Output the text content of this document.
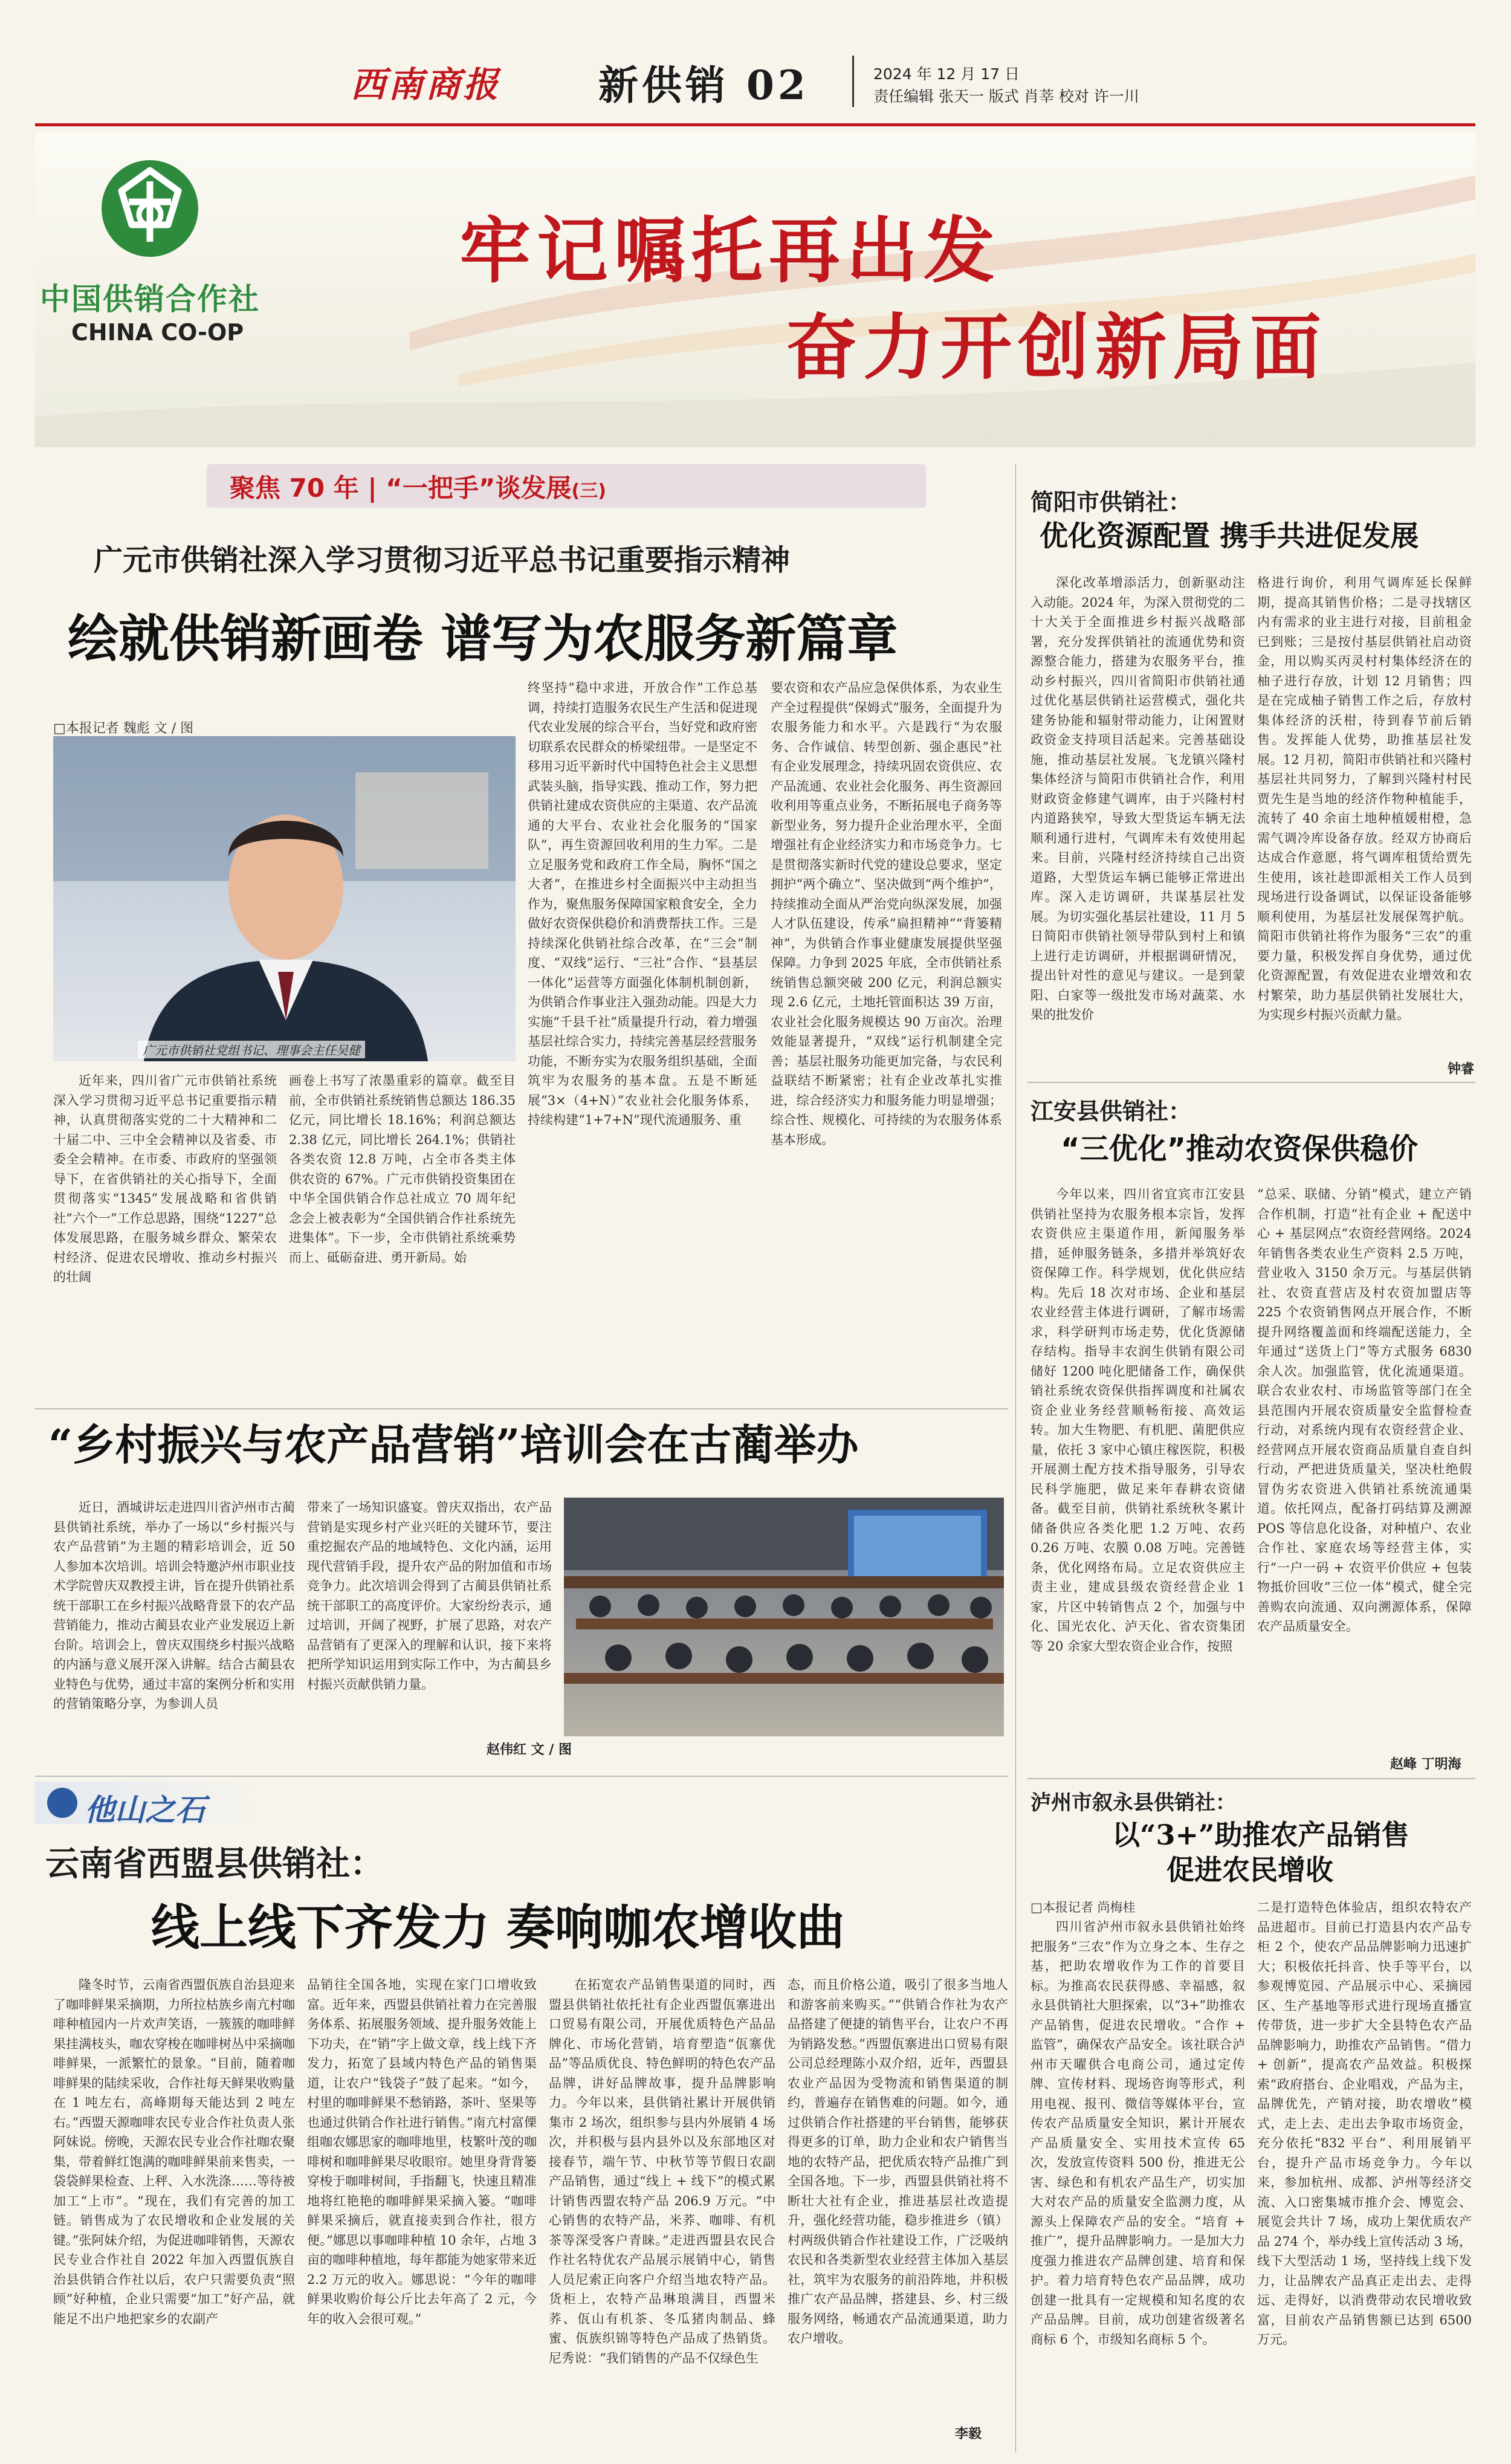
西南商报 新供销 02	2024 年 12 月 17 日
责任编辑 张天一 版式 肖莘 校对 许一川
中国供销合作社
CHINA CO-OP
牢记嘱托再出发
奋力开创新局面
聚焦 70 年 | “一把手”谈发展(三)
广元市供销社深入学习贯彻习近平总书记重要指示精神
绘就供销新画卷 谱写为农服务新篇章
□本报记者 魏彪 文 / 图
广元市供销社党组书记、理事会主任吴健

近年来，四川省广元市供销社系统深入学习贯彻习近平总书记重要指示精神，认真贯彻落实党的二十大精神和二十届二中、三中全会精神以及省委、市委全会精神。在市委、市政府的坚强领导下，在省供销社的关心指导下，全面贯彻落实“1345”发展战略和省供销社“六个一”工作总思路，围绕“1227”总体发展思路，在服务城乡群众、繁荣农村经济、促进农民增收、推动乡村振兴的壮阔

画卷上书写了浓墨重彩的篇章。截至目前，全市供销社系统销售总额达 186.35 亿元，同比增长 18.16%；利润总额达 2.38 亿元，同比增长 264.1%；供销社各类农资 12.8 万吨，占全市各类主体供农资的 67%。广元市供销投资集团在中华全国供销合作总社成立 70 周年纪念会上被表彰为“全国供销合作社系统先进集体”。下一步，全市供销社系统乘势而上、砥砺奋进、勇开新局。始

终坚持“稳中求进，开放合作”工作总基调，持续打造服务农民生产生活和促进现代农业发展的综合平台，当好党和政府密切联系农民群众的桥梁纽带。一是坚定不移用习近平新时代中国特色社会主义思想武装头脑，指导实践、推动工作，努力把供销社建成农资供应的主渠道、农产品流通的大平台、农业社会化服务的“国家队”，再生资源回收利用的生力军。二是立足服务党和政府工作全局，胸怀“国之大者”，在推进乡村全面振兴中主动担当作为，聚焦服务保障国家粮食安全，全力做好农资保供稳价和消费帮扶工作。三是持续深化供销社综合改革，在“三会”制度、“双线”运行、“三社”合作、“县基层一体化”运营等方面强化体制机制创新，为供销合作事业注入强劲动能。四是大力实施“千县千社”质量提升行动，着力增强基层社综合实力，持续完善基层经营服务功能，不断夯实为农服务组织基础，全面筑牢为农服务的基本盘。五是不断延展“3×（4+N）”农业社会化服务体系，持续构建“1+7+N”现代流通服务、重

要农资和农产品应急保供体系，为农业生产全过程提供“保姆式”服务，全面提升为农服务能力和水平。六是践行“为农服务、合作诚信、转型创新、强企惠民”社有企业发展理念，持续巩固农资供应、农产品流通、农业社会化服务、再生资源回收利用等重点业务，不断拓展电子商务等新型业务，努力提升企业治理水平，全面增强社有企业经济实力和市场竞争力。七是贯彻落实新时代党的建设总要求，坚定拥护“两个确立”、坚决做到“两个维护”，持续推动全面从严治党向纵深发展，加强人才队伍建设，传承“扁担精神”“背篓精神”，为供销合作事业健康发展提供坚强保障。力争到 2025 年底，全市供销社系统销售总额突破 200 亿元，利润总额实现 2.6 亿元，土地托管面积达 39 万亩，农业社会化服务规模达 90 万亩次。治理效能显著提升，“双线”运行机制建全完善；基层社服务功能更加完备，与农民利益联结不断紧密；社有企业改革扎实推进，综合经济实力和服务能力明显增强；综合性、规模化、可持续的为农服务体系基本形成。

“乡村振兴与农产品营销”培训会在古蔺举办

近日，酒城讲坛走进四川省泸州市古蔺县供销社系统，举办了一场以“乡村振兴与农产品营销”为主题的精彩培训会，近 50 人参加本次培训。培训会特邀泸州市职业技术学院曾庆双教授主讲，旨在提升供销社系统干部职工在乡村振兴战略背景下的农产品营销能力，推动古蔺县农业产业发展迈上新台阶。培训会上，曾庆双围绕乡村振兴战略的内涵与意义展开深入讲解。结合古蔺县农业特色与优势，通过丰富的案例分析和实用的营销策略分享，为参训人员

带来了一场知识盛宴。曾庆双指出，农产品营销是实现乡村产业兴旺的关键环节，要注重挖掘农产品的地域特色、文化内涵，运用现代营销手段，提升农产品的附加值和市场竞争力。此次培训会得到了古蔺县供销社系统干部职工的高度评价。大家纷纷表示，通过培训，开阔了视野，扩展了思路，对农产品营销有了更深入的理解和认识，接下来将把所学知识运用到实际工作中，为古蔺县乡村振兴贡献供销力量。

赵伟红 文 / 图
他山之石
云南省西盟县供销社：
线上线下齐发力 奏响咖农增收曲

隆冬时节，云南省西盟佤族自治县迎来了咖啡鲜果采摘期，力所拉枯族乡南亢村咖啡种植园内一片欢声笑语，一簇簇的咖啡鲜果挂满枝头，咖农穿梭在咖啡树丛中采摘咖啡鲜果，一派繁忙的景象。“目前，随着咖啡鲜果的陆续采收，合作社每天鲜果收购量在 1 吨左右，高峰期每天能达到 2 吨左右。”西盟天源咖啡农民专业合作社负责人张阿妹说。傍晚，天源农民专业合作社咖农聚集，带着鲜红饱满的咖啡鲜果前来售卖，一袋袋鲜果检查、上秤、入水洗涤……等待被加工“上市”。“现在，我们有完善的加工链。销售成为了农民增收和企业发展的关键。”张阿妹介绍，为促进咖啡销售，天源农民专业合作社自 2022 年加入西盟佤族自治县供销合作社以后，农户只需要负责“照顾”好种植，企业只需要“加工”好产品，就能足不出户地把家乡的农副产

品销往全国各地，实现在家门口增收致富。近年来，西盟县供销社着力在完善服务体系、拓展服务领域、提升服务效能上下功夫，在“销”字上做文章，线上线下齐发力，拓宽了县域内特色产品的销售渠道，让农户“钱袋子”鼓了起来。“如今，村里的咖啡鲜果不愁销路，茶叶、坚果等也通过供销合作社进行销售。”南亢村富傈组咖农娜思家的咖啡地里，枝繁叶茂的咖啡树和咖啡鲜果尽收眼帘。她里身背背篓穿梭于咖啡树间，手指翻飞，快速且精准地将红艳艳的咖啡鲜果采摘入篓。“咖啡鲜果采摘后，就直接卖到合作社，很方便。”娜思以事咖啡种植 10 余年，占地 3 亩的咖啡种植地，每年都能为她家带来近 2.2 万元的收入。娜思说：“今年的咖啡鲜果收购价每公斤比去年高了 2 元，今年的收入会很可观。”

在拓宽农产品销售渠道的同时，西盟县供销社依托社有企业西盟佤寨进出口贸易有限公司，开展优质特色产品品牌化、市场化营销，培育塑造“佤寨优品”等品质优良、特色鲜明的特色农产品品牌，讲好品牌故事，提升品牌影响力。今年以来，县供销社累计开展供销集市 2 场次，组织参与县内外展销 4 场次，并积极与县内县外以及东部地区对接春节，端午节、中秋节等节假日农副产品销售，通过“线上 + 线下”的模式累计销售西盟农特产品 206.9 万元。“中心销售的农特产品，米荞、咖啡、有机茶等深受客户青睐。”走进西盟县农民合作社名特优农产品展示展销中心，销售人员尼索正向客户介绍当地农特产品。货柜上，农特产品琳琅满目，西盟米荞、佤山有机茶、冬瓜猪肉制品、蜂蜜、佤族织锦等特色产品成了热销货。尼秀说：“我们销售的产品不仅绿色生

态，而且价格公道，吸引了很多当地人和游客前来购买。”“供销合作社为农产品搭建了便捷的销售平台，让农户不再为销路发愁。”西盟佤寨进出口贸易有限公司总经理陈小双介绍，近年，西盟县农业产品因为受物流和销售渠道的制约，普遍存在销售难的问题。如今，通过供销合作社搭建的平台销售，能够获得更多的订单，助力企业和农户销售当地的农特产品，把优质农特产品推广到全国各地。下一步，西盟县供销社将不断壮大社有企业，推进基层社改造提升，强化经营功能，稳步推进乡（镇）村两级供销合作社建设工作，广泛吸纳农民和各类新型农业经营主体加入基层社，筑牢为农服务的前沿阵地，并积极推广农产品品牌，搭建县、乡、村三级服务网络，畅通农产品流通渠道，助力农户增收。

李毅
简阳市供销社：
优化资源配置 携手共进促发展

深化改革增添活力，创新驱动注入动能。2024 年，为深入贯彻党的二十大关于全面推进乡村振兴战略部署，充分发挥供销社的流通优势和资源整合能力，搭建为农服务平台，推动乡村振兴，四川省简阳市供销社通过优化基层供销社运营模式，强化共建务协能和辐射带动能力，让闲置财政资金支持项目活起来。完善基础设施，推动基层社发展。飞龙镇兴隆村集体经济与简阳市供销社合作，利用财政资金修建气调库，由于兴隆村村内道路狭窄，导致大型货运车辆无法顺利通行进村，气调库未有效使用起来。目前，兴隆村经济持续自己出资道路，大型货运车辆已能够正常进出库。深入走访调研，共谋基层社发展。为切实强化基层社建设，11 月 5 日简阳市供销社领导带队到村上和镇上进行走访调研，并根据调研情况，提出针对性的意见与建议。一是到蒙阳、白家等一级批发市场对蔬菜、水果的批发价

格进行询价，利用气调库延长保鲜期，提高其销售价格；二是寻找辖区内有需求的业主进行对接，目前租金已到账；三是按付基层供销社启动资金，用以购买丙灵村村集体经济在的柚子进行存放，计划 12 月销售；四是在完成柚子销售工作之后，存放村集体经济的沃柑，待到春节前后销售。发挥能人优势，助推基层社发展。12 月初，简阳市供销社和兴隆村基层社共同努力，了解到兴隆村村民贾先生是当地的经济作物种植能手，流转了 40 余亩土地种植媛柑橙，急需气调冷库设备存放。经双方协商后达成合作意愿，将气调库租赁给贾先生使用，该社趁即派相关工作人员到现场进行设备调试，以保证设备能够顺利使用，为基层社发展保驾护航。简阳市供销社将作为服务“三农”的重要力量，积极发挥自身优势，通过优化资源配置，有效促进农业增效和农村繁荣，助力基层供销社发展壮大，为实现乡村振兴贡献力量。

钟睿
江安县供销社：
“三优化”推动农资保供稳价

今年以来，四川省宜宾市江安县供销社坚持为农服务根本宗旨，发挥农资供应主渠道作用，新闻服务举措，延伸服务链条，多措并举筑好农资保障工作。科学规划，优化供应结构。先后 18 次对市场、企业和基层农业经营主体进行调研，了解市场需求，科学研判市场走势，优化货源储存结构。指导丰农润生供销有限公司储好 1200 吨化肥储备工作，确保供销社系统农资保供指挥调度和社属农资企业业务经营顺畅衔接、高效运转。加大生物肥、有机肥、菌肥供应量，依托 3 家中心镇庄稼医院，积极开展测土配方技术指导服务，引导农民科学施肥，做足来年春耕农资储备。截至目前，供销社系统秋冬累计储备供应各类化肥 1.2 万吨、农药 0.26 万吨、农膜 0.08 万吨。完善链条，优化网络布局。立足农资供应主责主业，建成县级农资经营企业 1 家，片区中转销售点 2 个，加强与中化、国光农化、泸天化、省农资集团等 20 余家大型农资企业合作，按照

“总采、联储、分销”模式，建立产销合作机制，打造“社有企业 + 配送中心 + 基层网点”农资经营网络。2024 年销售各类农业生产资料 2.5 万吨，营业收入 3150 余万元。与基层供销社、农资直营店及村农资加盟店等 225 个农资销售网点开展合作，不断提升网络覆盖面和终端配送能力，全年通过“送货上门”等方式服务 6830 余人次。加强监管，优化流通渠道。联合农业农村、市场监管等部门在全县范围内开展农资质量安全监督检查行动，对系统内现有农资经营企业、经营网点开展农资商品质量自查自纠行动，严把进货质量关，坚决杜绝假冒伪劣农资进入供销社系统流通渠道。依托网点，配备打码结算及溯源 POS 等信息化设备，对种植户、农业合作社、家庭农场等经营主体，实行“一户一码 + 农资平价供应 + 包装物抵价回收”三位一体”模式，健全完善购农向流通、双向溯源体系，保障农产品质量安全。

赵峰 丁明海
泸州市叙永县供销社：
以“3+”助推农产品销售
促进农民增收
□本报记者 尚梅桂

四川省泸州市叙永县供销社始终把服务“三农”作为立身之本、生存之基，把助农增收作为工作的首要目标。为推高农民获得感、幸福感，叙永县供销社大胆探索，以“3+”助推农产品销售，促进农民增收。“合作 + 监管”，确保农产品安全。该社联合泸州市天曜供合电商公司，通过定传牌、宣传材料、现场咨询等形式，利用电视、报刊、微信等媒体平台，宣传农产品质量安全知识，累计开展农产品质量安全、实用技术宣传 65 次，发放宣传资料 500 份，推进无公害、绿色和有机农产品生产，切实加大对农产品的质量安全监测力度，从源头上保障农产品的安全。“培育 + 推广”，提升品牌影响力。一是加大力度强力推进农产品牌创建、培育和保护。着力培育特色农产品品牌，成功创建一批具有一定规模和知名度的农产品品牌。目前，成功创建省级著名商标 6 个，市级知名商标 5 个。

二是打造特色体验店，组织农特农产品进超市。目前已打造县内农产品专柜 2 个，使农产品品牌影响力迅速扩大；积极依托抖音、快手等平台，以参观博览园、产品展示中心、采摘园区、生产基地等形式进行现场直播宣传带货，进一步扩大全县特色农产品品牌影响力，助推农产品销售。“借力 + 创新”，提高农产品效益。积极探索“政府搭台、企业唱戏，产品为主，品牌优先，产销对接，助农增收”模式，走上去、走出去争取市场资金，充分依托“832 平台”、利用展销平台，提升产品市场竞争力。今年以来，参加杭州、成都、泸州等经济交流、入口密集城市推介会、博览会、展览会共计 7 场，成功上架优质农产品 274 个，举办线上宣传活动 3 场，线下大型活动 1 场，坚持线上线下发力，让品牌农产品真正走出去、走得远、走得好，以消费带动农民增收致富，目前农产品销售额已达到 6500 万元。
